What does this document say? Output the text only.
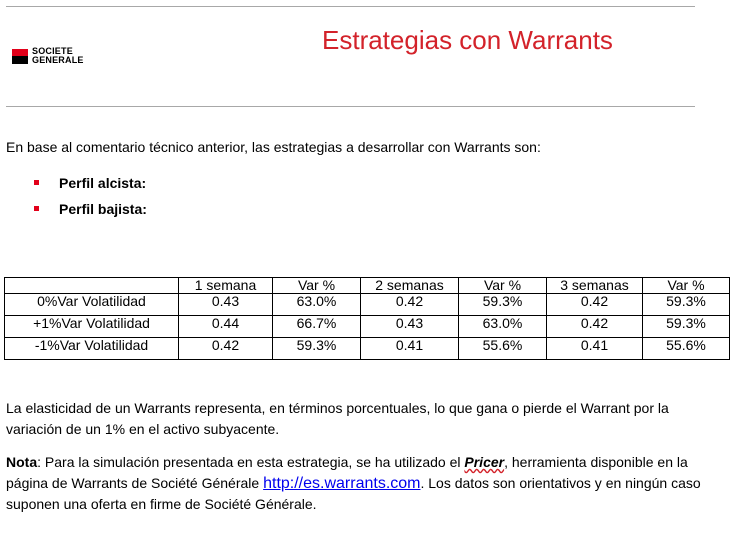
SOCIETE
GENERALE
Estrategias con Warrants
En base al comentario técnico anterior, las estrategias a desarrollar con Warrants son:
Perfil alcista:
Perfil bajista:
	1 semana	Var %	2 semanas	Var %	3 semanas	Var %
0%Var Volatilidad	0.43	63.0%	0.42	59.3%	0.42	59.3%
+1%Var Volatilidad	0.44	66.7%	0.43	63.0%	0.42	59.3%
-1%Var Volatilidad	0.42	59.3%	0.41	55.6%	0.41	55.6%
La elasticidad de un Warrants representa, en términos porcentuales, lo que gana o pierde el Warrant por la variación de un 1% en el activo subyacente.
Nota: Para la simulación presentada en esta estrategia, se ha utilizado el Pricer, herramienta disponible en la página de Warrants de Société Générale http://es.warrants.com. Los datos son orientativos y en ningún caso suponen una oferta en firme de Société Générale.
